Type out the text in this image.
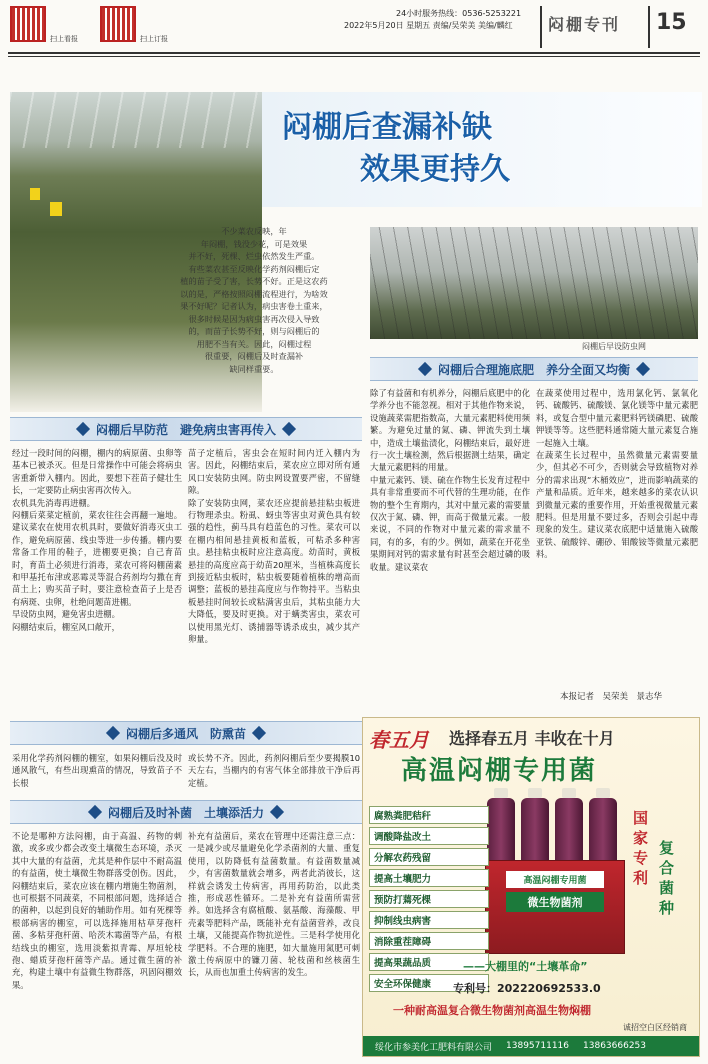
扫上看报	扫上订报
24小时服务热线：0536-5253221
2022年5月20日 星期五 责编/吴荣美 美编/麟红 闷棚专刊 15
闷棚后查漏补缺
效果更持久
不少菜农反映，年
年闷棚，钱没少花，可是效果
并不好，死棵、烂虫依然发生严重。
有些菜农甚至反映化学药剂闷棚后定
植的苗子受了害，长势不好。正是这农药
以的是，严格按照闷棚流程进行，为啥效
果不好呢？记者认为，病虫害卷土重来，
很多时候是因为病虫害再次侵入导致
的，而苗子长势不好，则与闷棚后的
用肥不当有关。因此，闷棚过程
很重要，闷棚后及时查漏补
缺同样重要。
闷棚后早设防虫网
闷棚后合理施底肥　养分全面又均衡
闷棚后早防范　避免病虫害再传入
经过一段时间的闷棚，棚内的病原菌、虫卵等基本已被杀灭。但是日常操作中可能会将病虫害重新带入棚内。因此，要想下茬苗子健壮生长，一定要防止病虫害再次传入。
农机具先消毒再进棚。
闷棚后菜菜定植前，菜农往往会再翻一遍地。建议菜农在使用农机具时，要做好消毒灭虫工作，避免病原菌、线虫等进一步传播。棚内要常备工作用的鞋子，进棚要更换；自己育苗时，育苗土必须进行消毒，菜农可将闷棚菌素和甲基托布津或恶霉灵等混合药剂均匀撒在育苗土上；购买苗子时，要注意检查苗子上是否有病斑、虫卵，杜绝问题苗进棚。
早设防虫网，避免害虫进棚。
闷棚结束后，棚室风口敞开，
苗子定植后，害虫会在短时间内迁入棚内为害。因此，闷棚结束后，菜农应立即对所有通风口安装防虫网。防虫网设置要严密，不留缝隙。
除了安装防虫网，菜农还应提前悬挂粘虫板进行物理杀虫。粉虱、蚜虫等害虫对黄色具有较强的趋性，蓟马具有趋蓝色的习性。菜农可以在棚内相间悬挂黄板和蓝板，可粘杀多种害虫。悬挂粘虫板时应注意高度。幼苗时，黄板悬挂的高度应高于幼苗20厘米，当植株高度长到接近粘虫板时，粘虫板要随着植株的增高而调整；蓝板的悬挂高度应与作物持平。当粘虫板悬挂时间较长或粘满害虫后，其粘虫能力大大降低，要及时更换。对于螨类害虫，菜农可以使用黑光灯、诱捕器等诱杀成虫，减少其产卵量。
除了有益菌和有机养分，闷棚后底肥中的化学养分也不能忽视。相对于其他作物来说，设施蔬菜需肥指数高，大量元素肥料使用频繁。为避免过量的氮、磷、钾流失到土壤中，造成土壤盐渍化，闷棚结束后，最好进行一次土壤检测，然后根据测土结果，确定大量元素肥料的用量。
中量元素钙、镁、硫在作物生长发育过程中具有非常重要而不可代替的生理功能，在作物的整个生育期内，其对中量元素的需要量仅次于氮、磷、钾，而高于微量元素。一般来说，不同的作物对中量元素的需求量不同，有的多，有的少。例如，蔬菜在开花坐果期间对钙的需求量有时甚至会超过磷的吸收量。建议菜农
在蔬菜使用过程中，选用氯化钙、氯氧化钙、硫酸钙、硫酸镁、氯化镁等中量元素肥料，或复合型中量元素肥料钙镁磷肥、硫酸钾镁等等。这些肥料通常随大量元素复合施一起施入土壤。
在蔬菜生长过程中，虽然微量元素需要量少，但其必不可少，否则就会导致植物对养分的需求出现“木桶效应”，进而影响蔬菜的产量和品质。近年来，越来越多的菜农认识到微量元素的重要作用，开始重视微量元素肥料。但是用量不要过多，否则会引起中毒现象的发生。建议菜农底肥中适量施入硫酸亚铁、硫酸锌、硼砂、钼酸铵等微量元素肥料。
本报记者　吴荣美　景志华
闷棚后多通风　防熏苗
采用化学药剂闷棚的棚室，如果闷棚后没及时通风散气，有些出现熏苗的情况，导致苗子不长根
或长势不齐。因此，药剂闷棚后至少要揭膜10天左右，当棚内的有害气体全部排放干净后再定植。
闷棚后及时补菌　土壤添活力
不论是哪种方法闷棚，由于高温、药物的刺激，或多或少都会改变土壤微生态环境，杀灭其中大量的有益菌，尤其是种作层中不耐高温的有益菌，使土壤微生物群落受创伤。因此，闷棚结束后，菜农应该在棚内增施生物菌剂，也可根据不同蔬菜，不同根部问题，选择适合的菌种，以起到良好的辅助作用。如有死棵等根部病害的棚室，可以选择施用枯草芽孢杆菌、多粘芽孢杆菌、哈茨木霉菌等产品，有根结线虫的棚室，选用淡紫拟青霉、厚垣轮枝孢、蜡质芽孢杆菌等产品。通过微生菌的补充，构建土壤中有益微生物群落，巩固闷棚效果。
补充有益菌后，菜农在管理中还需注意三点：一是减少或尽量避免化学杀菌剂的大量、重复使用，以防降低有益菌数量。有益菌数量减少，有害菌数量就会增多，两者此消彼长，这样就会诱发土传病害，再用药防治，以此类推，形成恶性循环。二是补充有益菌所需营养。如选择含有腐植酸、氨基酸、海藻酸、甲壳素等肥料产品，既能补充有益菌营养，改良土壤，又能提高作物抗逆性。三是科学使用化学肥料。不合理的施肥，如大量施用氮肥可刺激土传病原中的镰刀菌、轮枝菌和丝核菌生长，从而也加重土传病害的发生。
春五月 选择春五月 丰收在十月
高温闷棚专用菌
高温闷棚专用菌
微生物菌剂
腐熟粪肥秸秆
调酸降盐改土
分解农药残留
提高土壤肥力
预防打蔫死棵
抑制线虫病害
消除重茬障碍
提高果蔬品质
安全环保健康
国家专利
复合菌种
——大棚里的“土壤革命”
专利号：202220692533.0
一种耐高温复合微生物菌剂高温生物焖棚
诚招空白区经销商
绥化市参美化工肥料有限公司 13895711116 13863666253
